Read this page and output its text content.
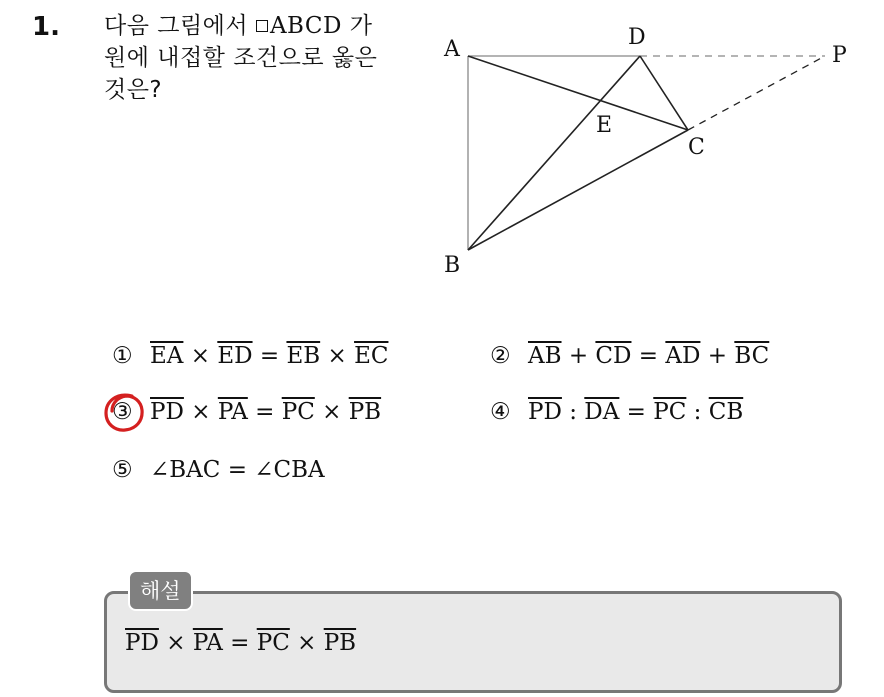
1. 다음 그림에서 ABCD 가
원에 내접할 조건으로 옳은
것은?
A
B
C
D
E
P
① $\overline{EA} \times \overline{ED} = \overline{EB} \times \overline{EC}$	② $\overline{AB} + \overline{CD} = \overline{AD} + \overline{BC}$
③ $\overline{PD} \times \overline{PA} = \overline{PC} \times \overline{PB}$	④ $\overline{PD}$ : $\overline{DA} = \overline{PC}$ : $\overline{CB}$
⑤ ∠BAC = ∠CBA
해설
$\overline{PD} \times \overline{PA} = \overline{PC} \times \overline{PB}$
